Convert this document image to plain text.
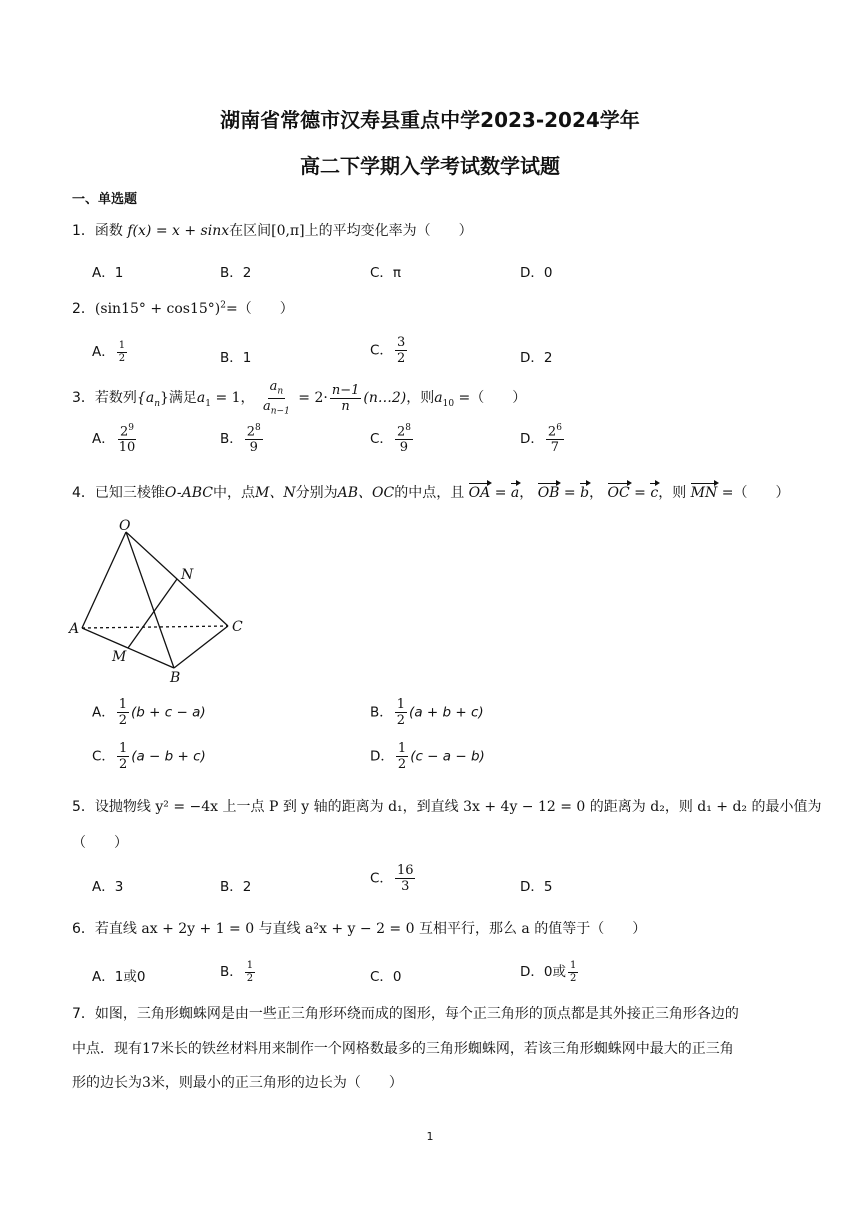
湖南省常德市汉寿县重点中学2023-2024学年
高二下学期入学考试数学试题
一、单选题
1．函数 f(x) = x + sinx在区间[0,π]上的平均变化率为（　　）
A．1	B．2	C．π	D．0
2．$(\sin 15^\circ + \cos 15^\circ)^2=$（　　）
A． $\frac{1}{2}$	B．1	C． $\frac{3}{2}$	D．2
3．若数列$\{a_n\}$满足$a_1 = 1$， $\frac{a_n}{a_{n-1}} = 2\cdot \frac{n-1}{n}$ (n…2)，则$a_{10}$ =（　　）
A． $\frac{2^9}{10}$	B． $\frac{2^8}{9}$	C． $\frac{2^8}{9}$	D． $\frac{2^6}{7}$
4．已知三棱锥O-ABC中，点M、N分别为AB、OC的中点，且 OA = a， OB = b， OC = c，则 MN =（　　）
O
N
A	C
M
B
A． $\frac{1}{2} (b + c - a)$	B． $\frac{1}{2} (a + b + c)$
C． $\frac{1}{2} (a - b + c)$	D． $\frac{1}{2} (c - a - b)$
5．设抛物线 y² = −4x 上一点 P 到 y 轴的距离为 d₁，到直线 3x + 4y − 12 = 0 的距离为 d₂，则 d₁ + d₂ 的最小值为
（　　）
A．3	B．2
C． $\frac{16}{3}$	D．5
6．若直线 ax + 2y + 1 = 0 与直线 a²x + y − 2 = 0 互相平行，那么 a 的值等于（　　）
A．1或0	B． $\frac{1}{2}$	C．0	D．0或 $\frac{1}{2}$
7．如图，三角形蜘蛛网是由一些正三角形环绕而成的图形，每个正三角形的顶点都是其外接正三角形各边的
中点．现有17米长的铁丝材料用来制作一个网格数最多的三角形蜘蛛网，若该三角形蜘蛛网中最大的正三角
形的边长为3米，则最小的正三角形的边长为（　　）
1
